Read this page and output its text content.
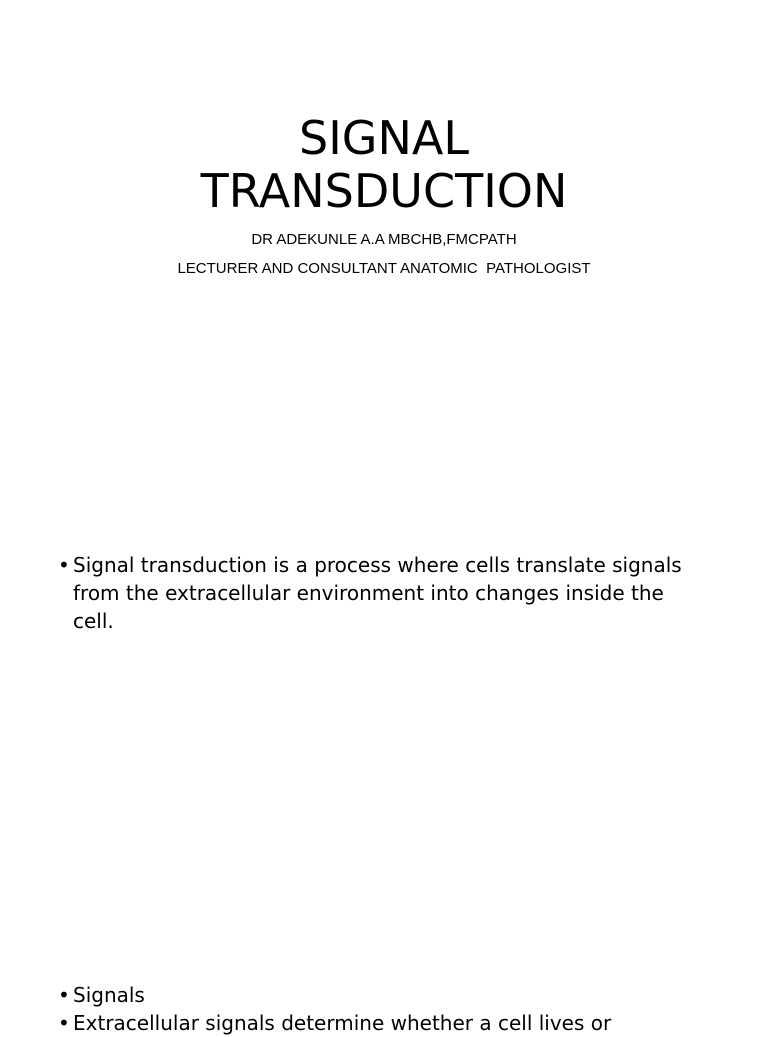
SIGNAL
TRANSDUCTION

DR ADEKUNLE A.A MBCHB,FMCPATH

LECTURER AND CONSULTANT ANATOMIC  PATHOLOGIST

• Signal transduction is a process where cells translate signals from the extracellular environment into changes inside the cell.
• Signals
• Extracellular signals determine whether a cell lives or
